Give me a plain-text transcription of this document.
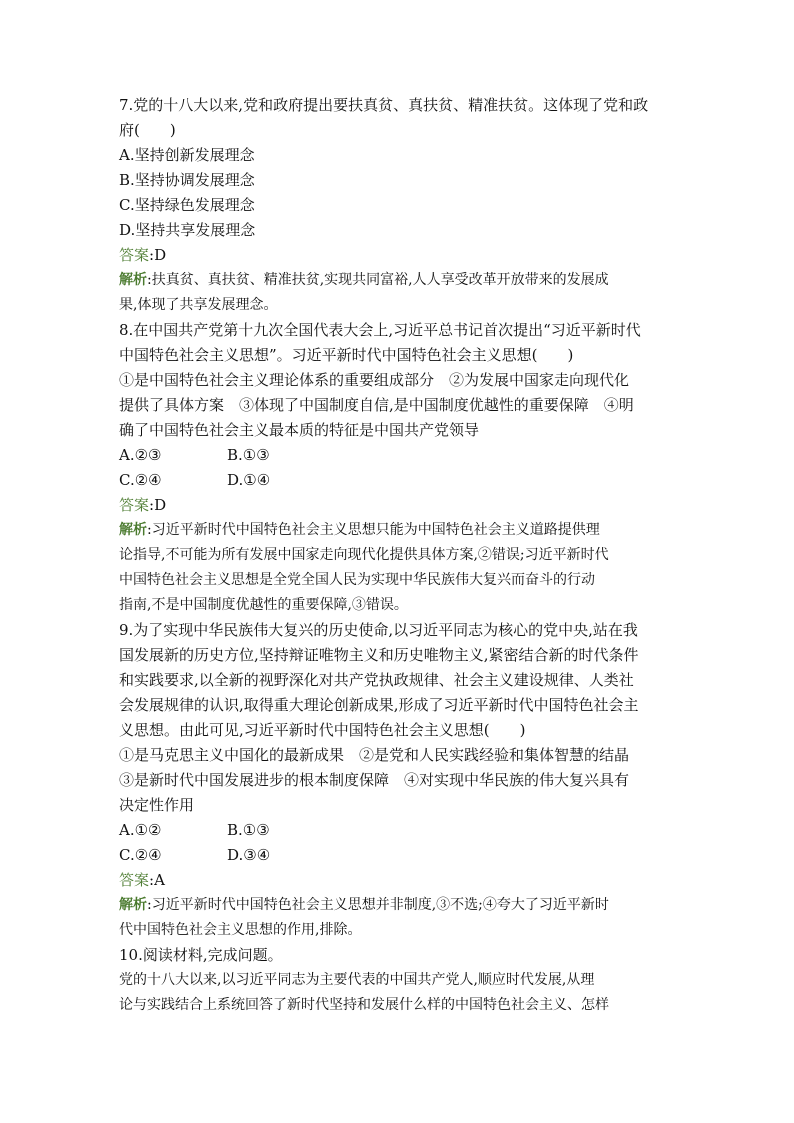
7.党的十八大以来,党和政府提出要扶真贫、真扶贫、精准扶贫。这体现了党和政

府(　　)

A.坚持创新发展理念

B.坚持协调发展理念

C.坚持绿色发展理念

D.坚持共享发展理念

答案:D

解析:扶真贫、真扶贫、精准扶贫,实现共同富裕,人人享受改革开放带来的发展成

果,体现了共享发展理念。

8.在中国共产党第十九次全国代表大会上,习近平总书记首次提出“习近平新时代

中国特色社会主义思想”。习近平新时代中国特色社会主义思想(　　)

①是中国特色社会主义理论体系的重要组成部分　②为发展中国家走向现代化

提供了具体方案　③体现了中国制度自信,是中国制度优越性的重要保障　④明

确了中国特色社会主义最本质的特征是中国共产党领导

A.②③	B.①③
C.②④	D.①④

答案:D

解析:习近平新时代中国特色社会主义思想只能为中国特色社会主义道路提供理

论指导,不可能为所有发展中国家走向现代化提供具体方案,②错误;习近平新时代

中国特色社会主义思想是全党全国人民为实现中华民族伟大复兴而奋斗的行动

指南,不是中国制度优越性的重要保障,③错误。

9.为了实现中华民族伟大复兴的历史使命,以习近平同志为核心的党中央,站在我

国发展新的历史方位,坚持辩证唯物主义和历史唯物主义,紧密结合新的时代条件

和实践要求,以全新的视野深化对共产党执政规律、社会主义建设规律、人类社

会发展规律的认识,取得重大理论创新成果,形成了习近平新时代中国特色社会主

义思想。由此可见,习近平新时代中国特色社会主义思想(　　)

①是马克思主义中国化的最新成果　②是党和人民实践经验和集体智慧的结晶

③是新时代中国发展进步的根本制度保障　④对实现中华民族的伟大复兴具有

决定性作用

A.①②	B.①③
C.②④	D.③④

答案:A

解析:习近平新时代中国特色社会主义思想并非制度,③不选;④夸大了习近平新时

代中国特色社会主义思想的作用,排除。

10.阅读材料,完成问题。

党的十八大以来,以习近平同志为主要代表的中国共产党人,顺应时代发展,从理

论与实践结合上系统回答了新时代坚持和发展什么样的中国特色社会主义、怎样
